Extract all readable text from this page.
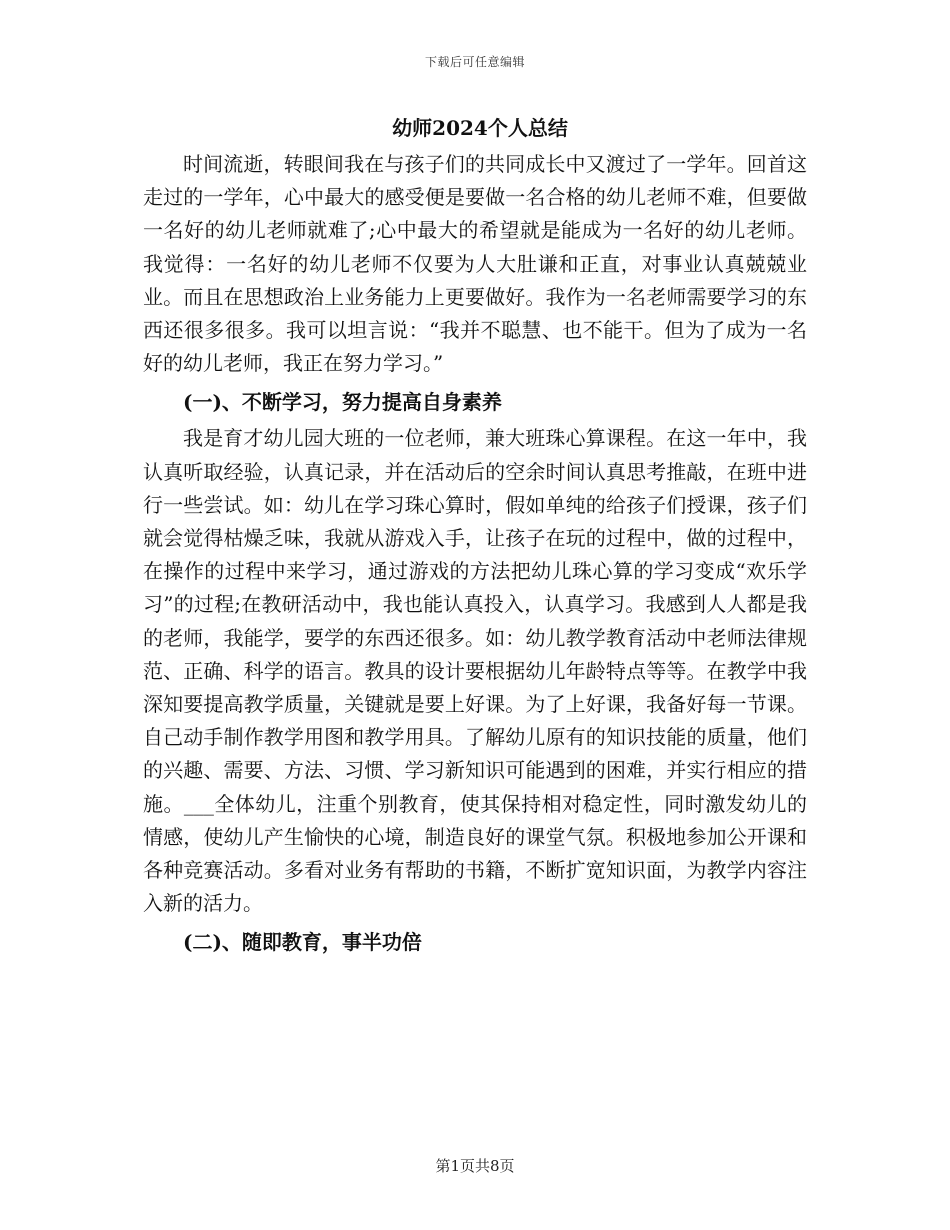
下载后可任意编辑
幼师2024个人总结

时间流逝，转眼间我在与孩子们的共同成长中又渡过了一学年。回首这走过的一学年，心中最大的感受便是要做一名合格的幼儿老师不难，但要做一名好的幼儿老师就难了;心中最大的希望就是能成为一名好的幼儿老师。我觉得：一名好的幼儿老师不仅要为人大肚谦和正直，对事业认真兢兢业业。而且在思想政治上业务能力上更要做好。我作为一名老师需要学习的东西还很多很多。我可以坦言说：“我并不聪慧、也不能干。但为了成为一名好的幼儿老师，我正在努力学习。”

(一)、不断学习，努力提高自身素养

我是育才幼儿园大班的一位老师，兼大班珠心算课程。在这一年中，我认真听取经验，认真记录，并在活动后的空余时间认真思考推敲，在班中进行一些尝试。如：幼儿在学习珠心算时，假如单纯的给孩子们授课，孩子们就会觉得枯燥乏味，我就从游戏入手，让孩子在玩的过程中，做的过程中，在操作的过程中来学习，通过游戏的方法把幼儿珠心算的学习变成“欢乐学习”的过程;在教研活动中，我也能认真投入，认真学习。我感到人人都是我的老师，我能学，要学的东西还很多。如：幼儿教学教育活动中老师法律规范、正确、科学的语言。教具的设计要根据幼儿年龄特点等等。在教学中我深知要提高教学质量，关键就是要上好课。为了上好课，我备好每一节课。自己动手制作教学用图和教学用具。了解幼儿原有的知识技能的质量，他们的兴趣、需要、方法、习惯、学习新知识可能遇到的困难，并实行相应的措施。___全体幼儿，注重个别教育，使其保持相对稳定性，同时激发幼儿的情感，使幼儿产生愉快的心境，制造良好的课堂气氛。积极地参加公开课和各种竞赛活动。多看对业务有帮助的书籍，不断扩宽知识面，为教学内容注入新的活力。

(二)、随即教育，事半功倍
第1页共8页
